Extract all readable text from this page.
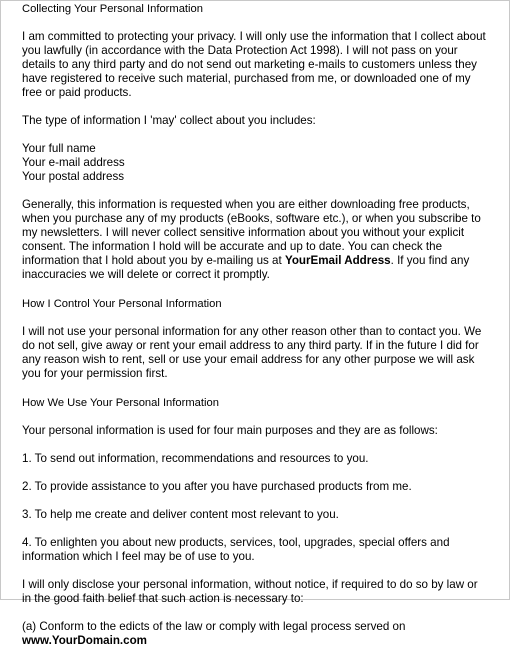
Collecting Your Personal Information

I am committed to protecting your privacy. I will only use the information that I collect about you lawfully (in accordance with the Data Protection Act 1998). I will not pass on your details to any third party and do not send out marketing e-mails to customers unless they have registered to receive such material, purchased from me, or downloaded one of my free or paid products.

The type of information I 'may' collect about you includes:

Your full name
Your e-mail address
Your postal address

Generally, this information is requested when you are either downloading free products, when you purchase any of my products (eBooks, software etc.), or when you subscribe to my newsletters. I will never collect sensitive information about you without your explicit consent. The information I hold will be accurate and up to date. You can check the information that I hold about you by e-mailing us at YourEmail Address. If you find any inaccuracies we will delete or correct it promptly.

How I Control Your Personal Information

I will not use your personal information for any other reason other than to contact you. We do not sell, give away or rent your email address to any third party. If in the future I did for any reason wish to rent, sell or use your email address for any other purpose we will ask you for your permission first.

How We Use Your Personal Information

Your personal information is used for four main purposes and they are as follows:

1. To send out information, recommendations and resources to you.

2. To provide assistance to you after you have purchased products from me.

3. To help me create and deliver content most relevant to you.

4. To enlighten you about new products, services, tool, upgrades, special offers and information which I feel may be of use to you.

I will only disclose your personal information, without notice, if required to do so by law or in the good faith belief that such action is necessary to:

(a) Conform to the edicts of the law or comply with legal process served on

www.YourDomain.com
